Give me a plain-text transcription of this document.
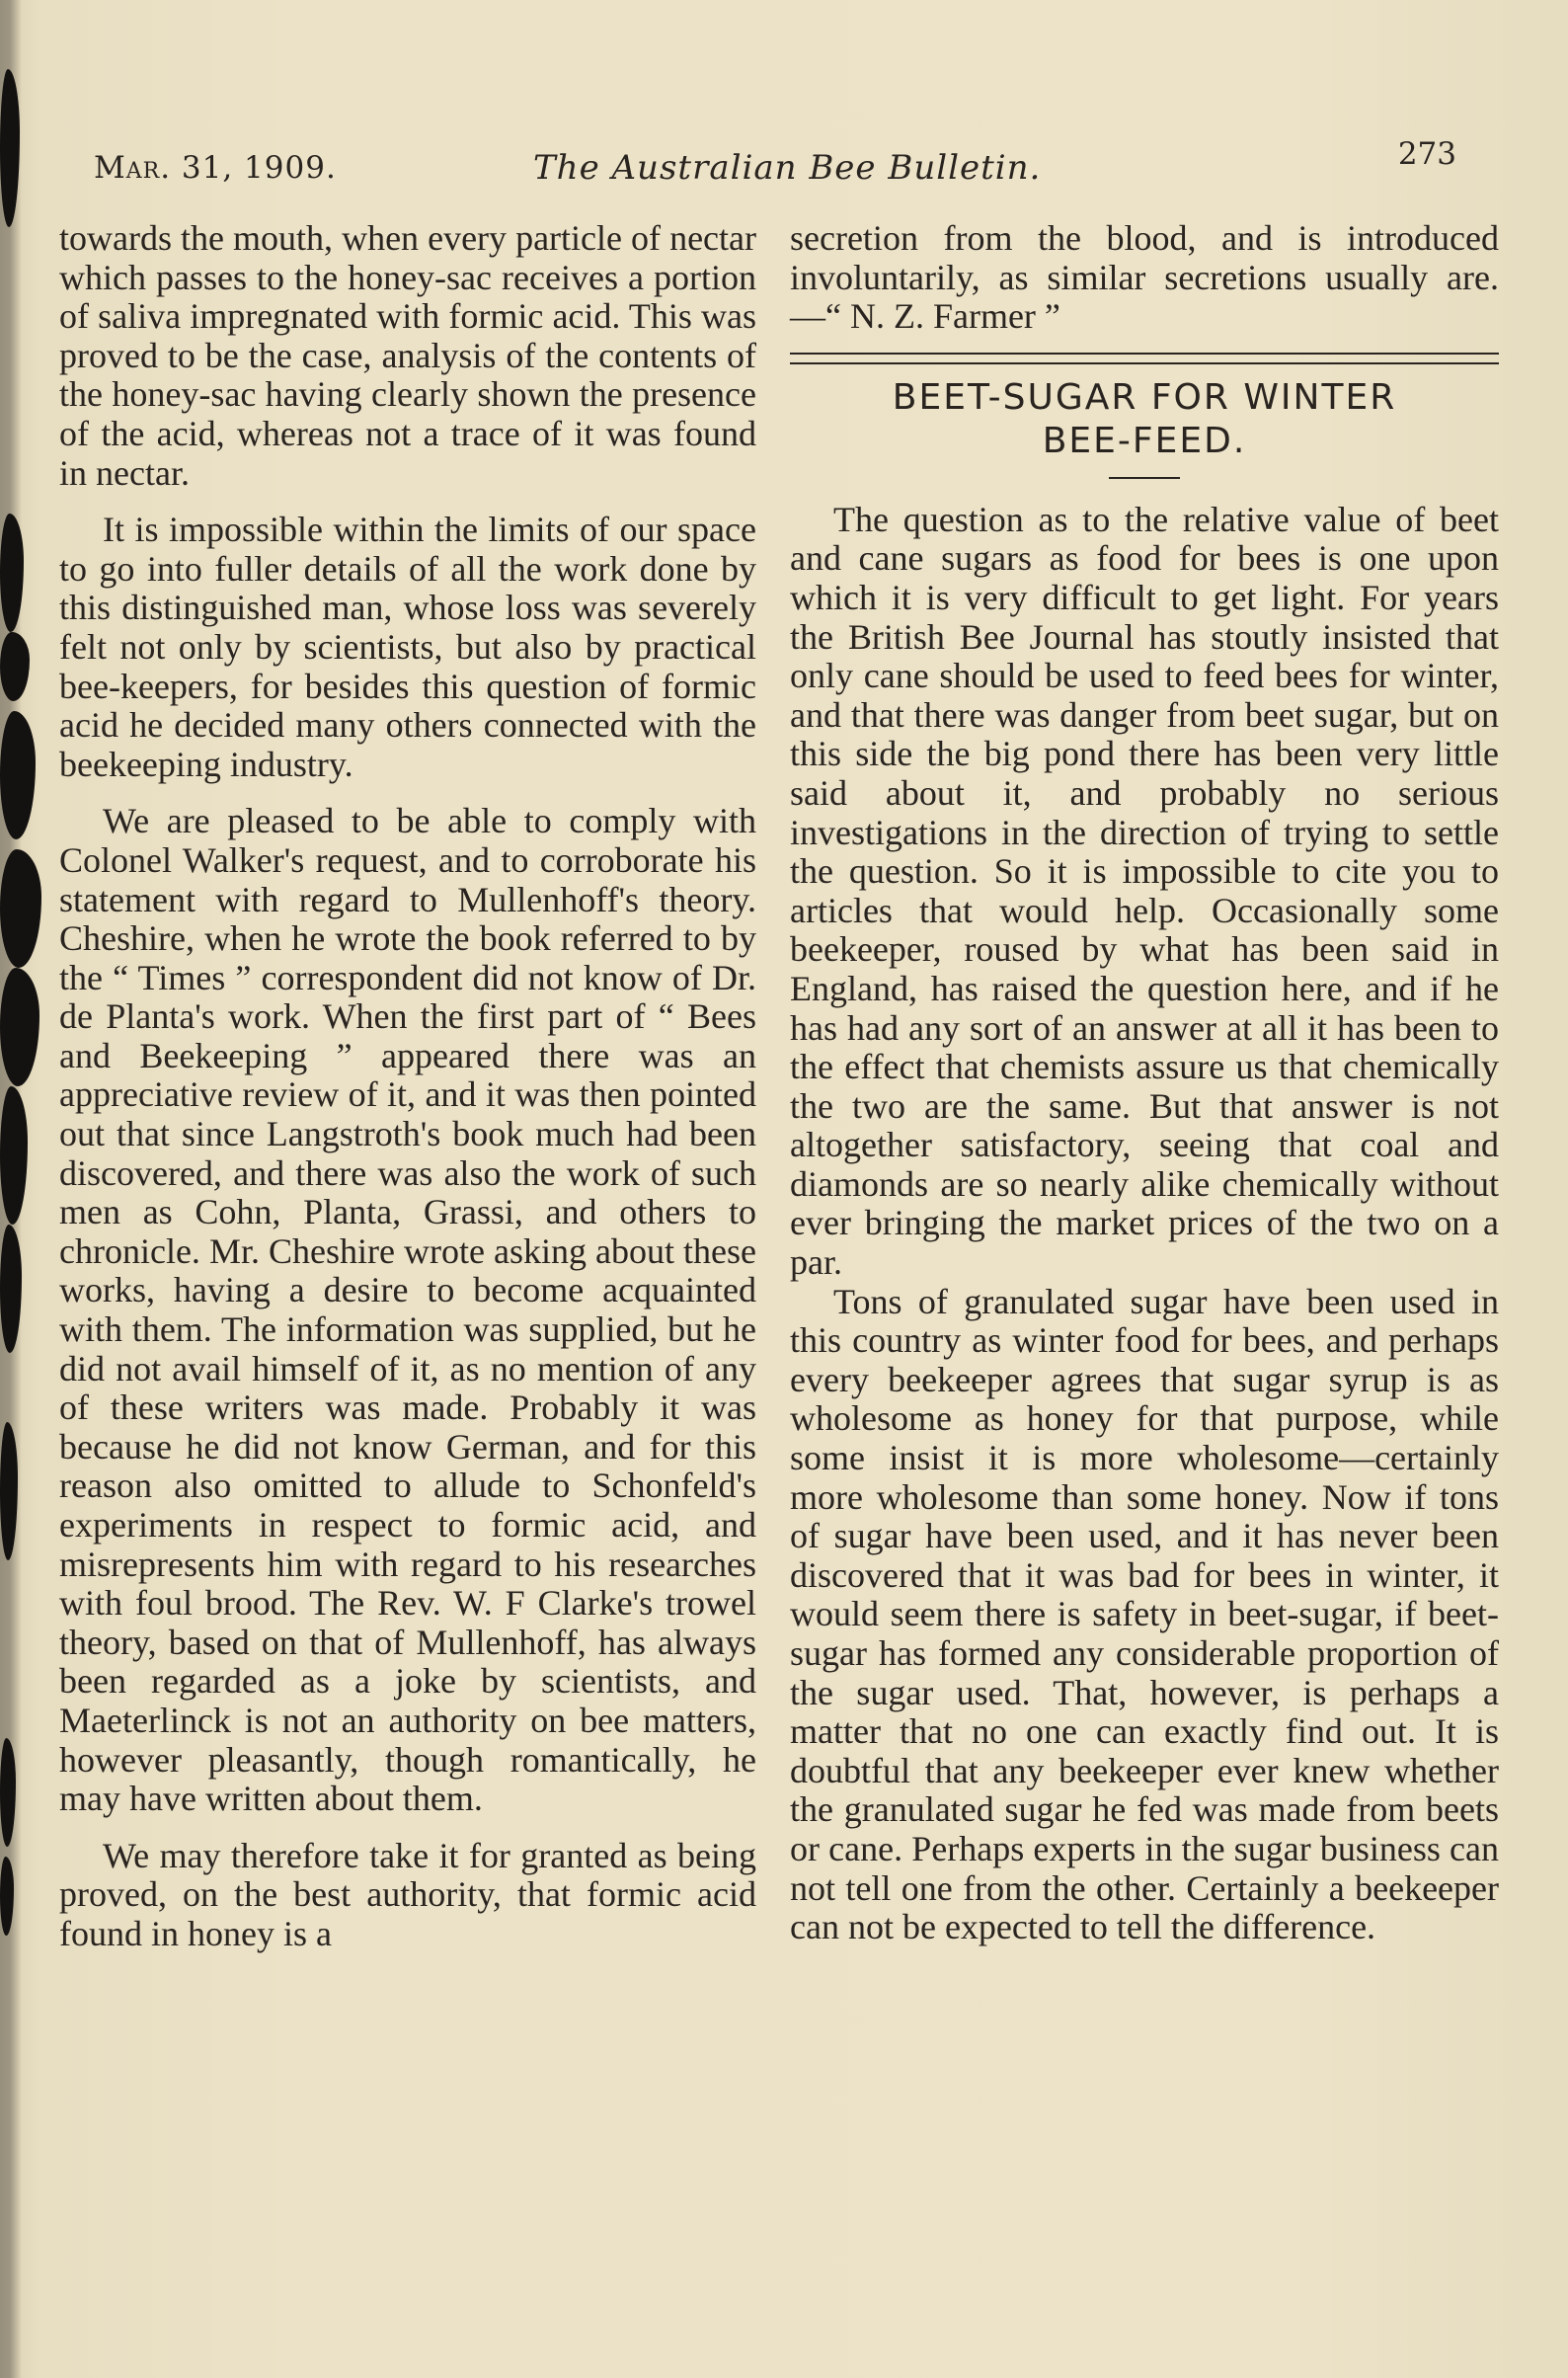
Mar. 31, 1909.	The Australian Bee Bulletin.	273

towards the mouth, when every particle of nectar which passes to the honey-sac receives a portion of saliva impregnated with formic acid. This was proved to be the case, analysis of the contents of the honey-sac having clearly shown the presence of the acid, whereas not a trace of it was found in nectar.

It is impossible within the limits of our space to go into fuller details of all the work done by this distinguished man, whose loss was severely felt not only by scientists, but also by practical bee-keepers, for besides this question of formic acid he decided many others connected with the beekeeping industry.

We are pleased to be able to comply with Colonel Walker's request, and to corroborate his statement with regard to Mullenhoff's theory. Cheshire, when he wrote the book referred to by the “ Times ” correspondent did not know of Dr. de Planta's work. When the first part of “ Bees and Beekeeping ” appeared there was an appreciative review of it, and it was then pointed out that since Langstroth's book much had been discovered, and there was also the work of such men as Cohn, Planta, Grassi, and others to chronicle. Mr. Cheshire wrote asking about these works, having a desire to become acquainted with them. The information was supplied, but he did not avail himself of it, as no mention of any of these writers was made. Probably it was because he did not know German, and for this reason also omitted to allude to Schonfeld's experiments in respect to formic acid, and misrepresents him with regard to his researches with foul brood. The Rev. W. F Clarke's trowel theory, based on that of Mullenhoff, has always been regarded as a joke by scientists, and Maeterlinck is not an authority on bee matters, however pleasantly, though romantically, he may have written about them.

We may therefore take it for granted as being proved, on the best authority, that formic acid found in honey is a

secretion from the blood, and is introduced involuntarily, as similar secretions usually are.—“ N. Z. Farmer ”

BEET-SUGAR FOR WINTER
BEE-FEED.

The question as to the relative value of beet and cane sugars as food for bees is one upon which it is very difficult to get light. For years the British Bee Journal has stoutly insisted that only cane should be used to feed bees for winter, and that there was danger from beet sugar, but on this side the big pond there has been very little said about it, and probably no serious investigations in the direction of trying to settle the question. So it is impossible to cite you to articles that would help. Occasionally some beekeeper, roused by what has been said in England, has raised the question here, and if he has had any sort of an answer at all it has been to the effect that chemists assure us that chemically the two are the same. But that answer is not altogether satisfactory, seeing that coal and diamonds are so nearly alike chemically without ever bringing the market prices of the two on a par.

Tons of granulated sugar have been used in this country as winter food for bees, and perhaps every beekeeper agrees that sugar syrup is as wholesome as honey for that purpose, while some insist it is more wholesome—certainly more wholesome than some honey. Now if tons of sugar have been used, and it has never been discovered that it was bad for bees in winter, it would seem there is safety in beet-sugar, if beet-sugar has formed any considerable proportion of the sugar used. That, however, is perhaps a matter that no one can exactly find out. It is doubtful that any beekeeper ever knew whether the granulated sugar he fed was made from beets or cane. Perhaps experts in the sugar business can not tell one from the other. Certainly a beekeeper can not be expected to tell the difference.
